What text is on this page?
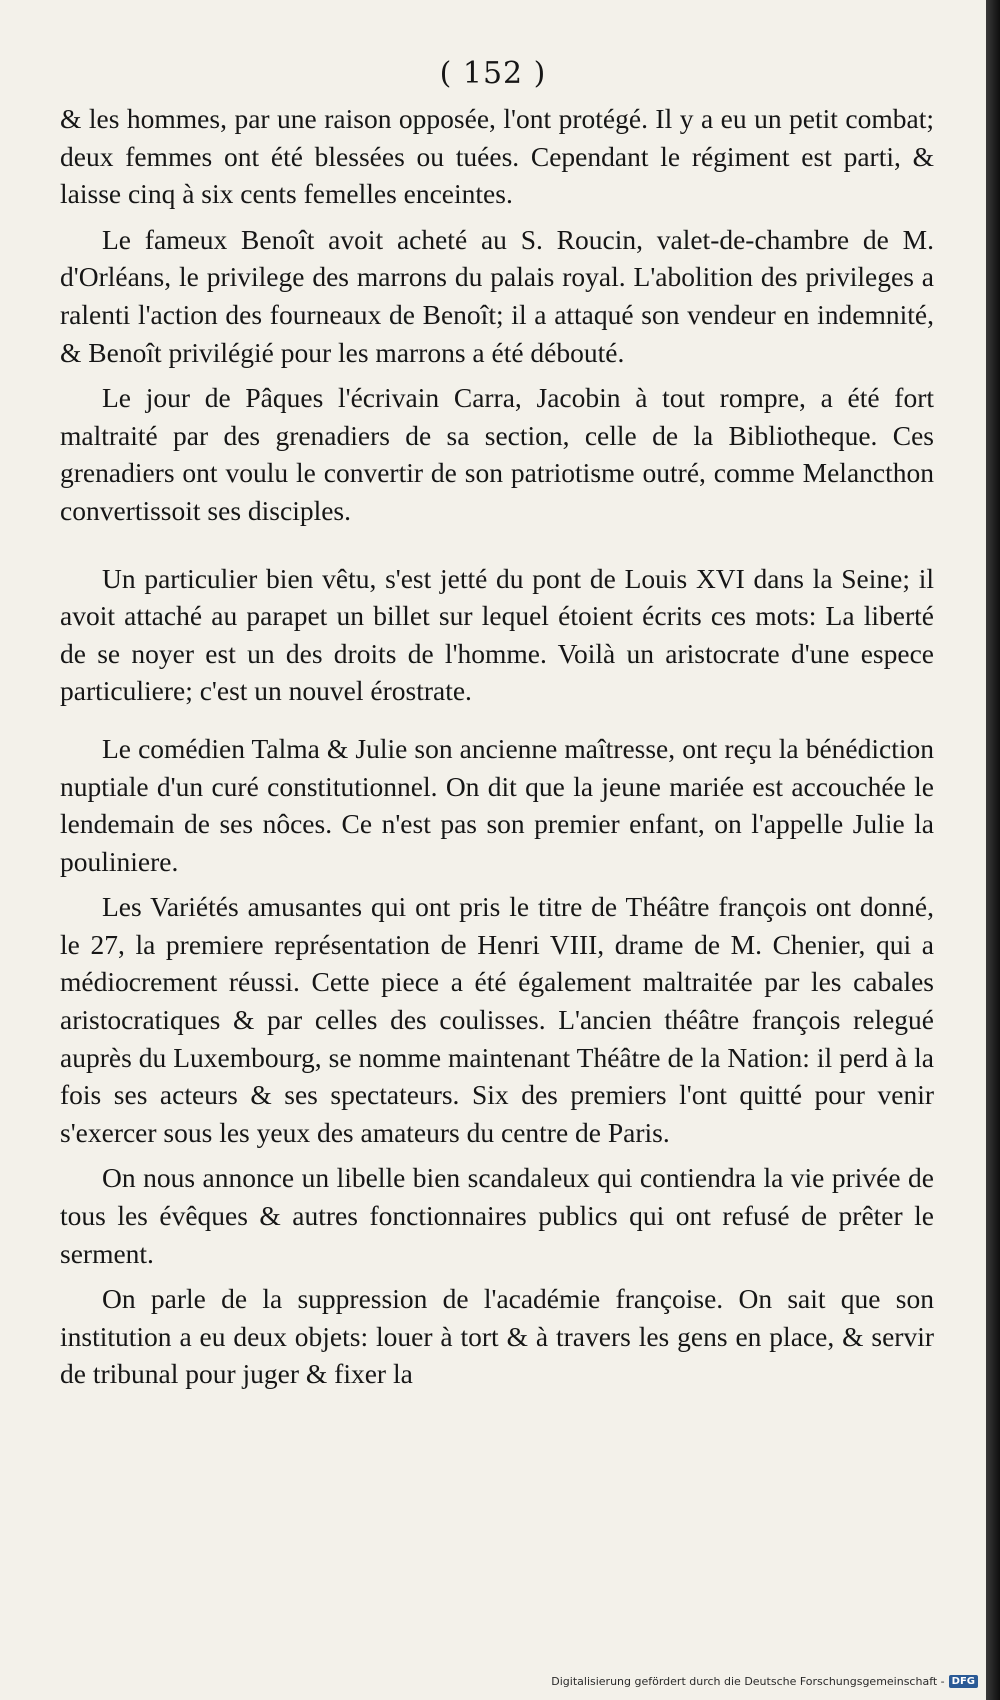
( 152 )

& les hommes, par une raison opposée, l'ont protégé. Il y a eu un petit combat; deux femmes ont été blessées ou tuées. Cependant le régiment est parti, & laisse cinq à six cents femelles enceintes.

Le fameux Benoît avoit acheté au S. Roucin, valet-de-chambre de M. d'Orléans, le privilege des marrons du palais royal. L'abolition des privileges a ralenti l'action des fourneaux de Benoît; il a attaqué son vendeur en indemnité, & Benoît privilégié pour les marrons a été débouté.

Le jour de Pâques l'écrivain Carra, Jacobin à tout rompre, a été fort maltraité par des grenadiers de sa section, celle de la Bibliotheque. Ces grenadiers ont voulu le convertir de son patriotisme outré, comme Melancthon convertissoit ses disciples.

Un particulier bien vêtu, s'est jetté du pont de Louis XVI dans la Seine; il avoit attaché au parapet un billet sur lequel étoient écrits ces mots: La liberté de se noyer est un des droits de l'homme. Voilà un aristocrate d'une espece particuliere; c'est un nouvel érostrate.

Le comédien Talma & Julie son ancienne maîtresse, ont reçu la bénédiction nuptiale d'un curé constitutionnel. On dit que la jeune mariée est accouchée le lendemain de ses nôces. Ce n'est pas son premier enfant, on l'appelle Julie la pouliniere.

Les Variétés amusantes qui ont pris le titre de Théâtre françois ont donné, le 27, la premiere représentation de Henri VIII, drame de M. Chenier, qui a médiocrement réussi. Cette piece a été également maltraitée par les cabales aristocratiques & par celles des coulisses. L'ancien théâtre françois relegué auprès du Luxembourg, se nomme maintenant Théâtre de la Nation: il perd à la fois ses acteurs & ses spectateurs. Six des premiers l'ont quitté pour venir s'exercer sous les yeux des amateurs du centre de Paris.

On nous annonce un libelle bien scandaleux qui contiendra la vie privée de tous les évêques & autres fonctionnaires publics qui ont refusé de prêter le serment.

On parle de la suppression de l'académie françoise. On sait que son institution a eu deux objets: louer à tort & à travers les gens en place, & servir de tribunal pour juger & fixer la

Digitalisierung gefördert durch die Deutsche Forschungsgemeinschaft - DFG
